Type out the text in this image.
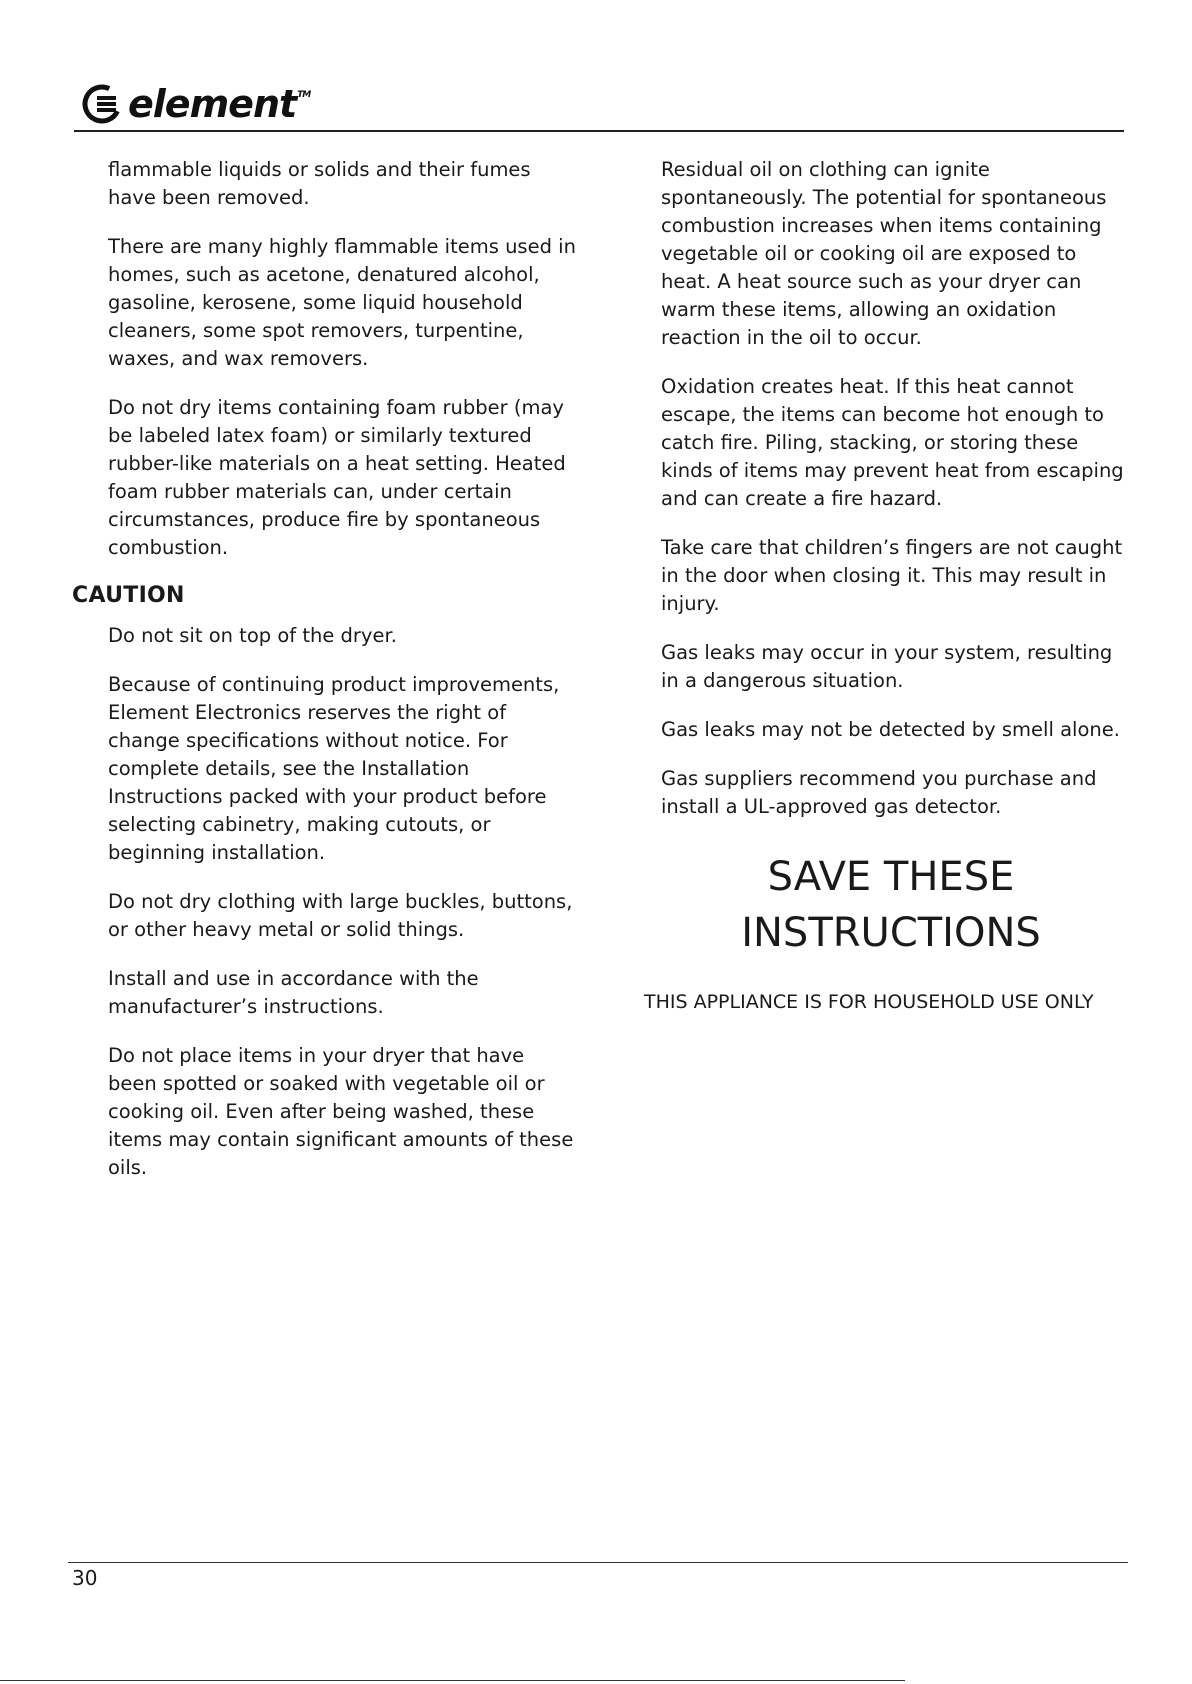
element™

flammable liquids or solids and their fumes have been removed.

There are many highly flammable items used in homes, such as acetone, denatured alcohol, gasoline, kerosene, some liquid household cleaners, some spot removers, turpentine, waxes, and wax removers.

Do not dry items containing foam rubber (may be labeled latex foam) or similarly textured rubber-like materials on a heat setting. Heated foam rubber materials can, under certain circumstances, produce fire by spontaneous combustion.

CAUTION

Do not sit on top of the dryer.

Because of continuing product improvements, Element Electronics reserves the right of change specifications without notice. For complete details, see the Installation Instructions packed with your product before selecting cabinetry, making cutouts, or beginning installation.

Do not dry clothing with large buckles, buttons, or other heavy metal or solid things.

Install and use in accordance with the manufacturer’s instructions.

Do not place items in your dryer that have been spotted or soaked with vegetable oil or cooking oil. Even after being washed, these items may contain significant amounts of these oils.

Residual oil on clothing can ignite spontaneously. The potential for spontaneous combustion increases when items containing vegetable oil or cooking oil are exposed to heat. A heat source such as your dryer can warm these items, allowing an oxidation reaction in the oil to occur.

Oxidation creates heat. If this heat cannot escape, the items can become hot enough to catch fire. Piling, stacking, or storing these kinds of items may prevent heat from escaping and can create a fire hazard.

Take care that children’s fingers are not caught in the door when closing it. This may result in injury.

Gas leaks may occur in your system, resulting in a dangerous situation.

Gas leaks may not be detected by smell alone.

Gas suppliers recommend you purchase and install a UL-approved gas detector.

SAVE THESE
INSTRUCTIONS
THIS APPLIANCE IS FOR HOUSEHOLD USE ONLY
30
